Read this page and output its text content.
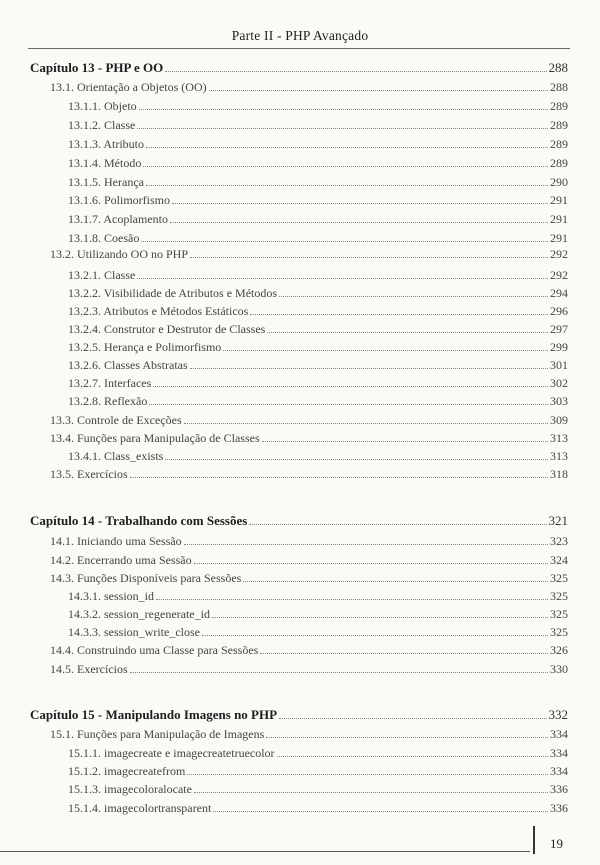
Parte II - PHP Avançado
Capítulo 13 - PHP e OO	288
13.1. Orientação a Objetos (OO)	288
13.1.1. Objeto	289
13.1.2. Classe	289
13.1.3. Atributo	289
13.1.4. Método	289
13.1.5. Herança	290
13.1.6. Polimorfismo	291
13.1.7. Acoplamento	291
13.1.8. Coesão	291
13.2. Utilizando OO no PHP	292
13.2.1. Classe	292
13.2.2. Visibilidade de Atributos e Métodos	294
13.2.3. Atributos e Métodos Estáticos	296
13.2.4. Construtor e Destrutor de Classes	297
13.2.5. Herança e Polimorfismo	299
13.2.6. Classes Abstratas	301
13.2.7. Interfaces	302
13.2.8. Reflexão	303
13.3. Controle de Exceções	309
13.4. Funções para Manipulação de Classes	313
13.4.1. Class_exists	313
13.5. Exercícios	318
Capítulo 14 - Trabalhando com Sessões	321
14.1. Iniciando uma Sessão	323
14.2. Encerrando uma Sessão	324
14.3. Funções Disponíveis para Sessões	325
14.3.1. session_id	325
14.3.2. session_regenerate_id	325
14.3.3. session_write_close	325
14.4. Construindo uma Classe para Sessões	326
14.5. Exercícios	330
Capítulo 15 - Manipulando Imagens no PHP	332
15.1. Funções para Manipulação de Imagens	334
15.1.1. imagecreate e imagecreatetruecolor	334
15.1.2. imagecreatefrom	334
15.1.3. imagecoloralocate	336
15.1.4. imagecolortransparent	336
19
